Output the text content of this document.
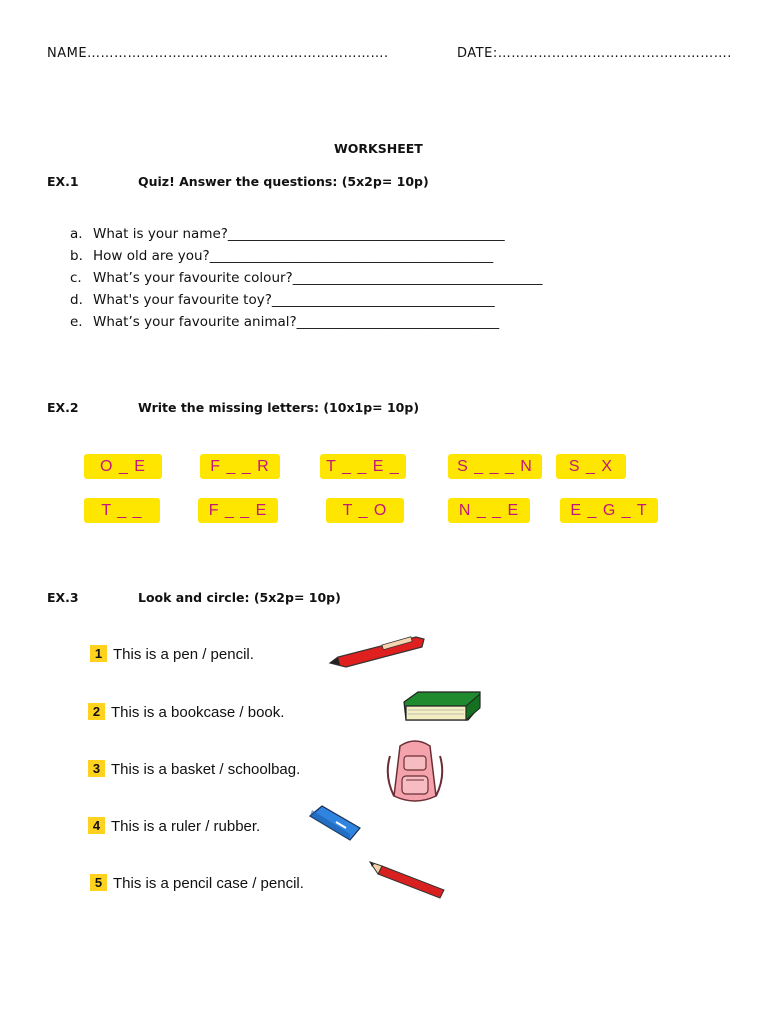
NAME………………………………………………………….	DATE:…………………………………………….
WORKSHEET
EX.1	Quiz! Answer the questions: (5x2p= 10p)
a. What is your name?_________________________________________
b. How old are you?__________________________________________
c. What’s your favourite colour?_____________________________________
d. What's your favourite toy?_________________________________
e. What’s your favourite animal?______________________________
EX.2	Write the missing letters: (10x1p= 10p)
O _ E	F _ _ R	T _ _ E _	S _ _ _ N	S _ X
T _ _	F _ _ E	T _ O	N _ _ E	E _ G _ T
EX.3	Look and circle: (5x2p= 10p)
1 This is a pen / pencil.
2 This is a bookcase / book.
3 This is a basket / schoolbag.
4 This is a ruler / rubber.
5 This is a pencil case / pencil.
